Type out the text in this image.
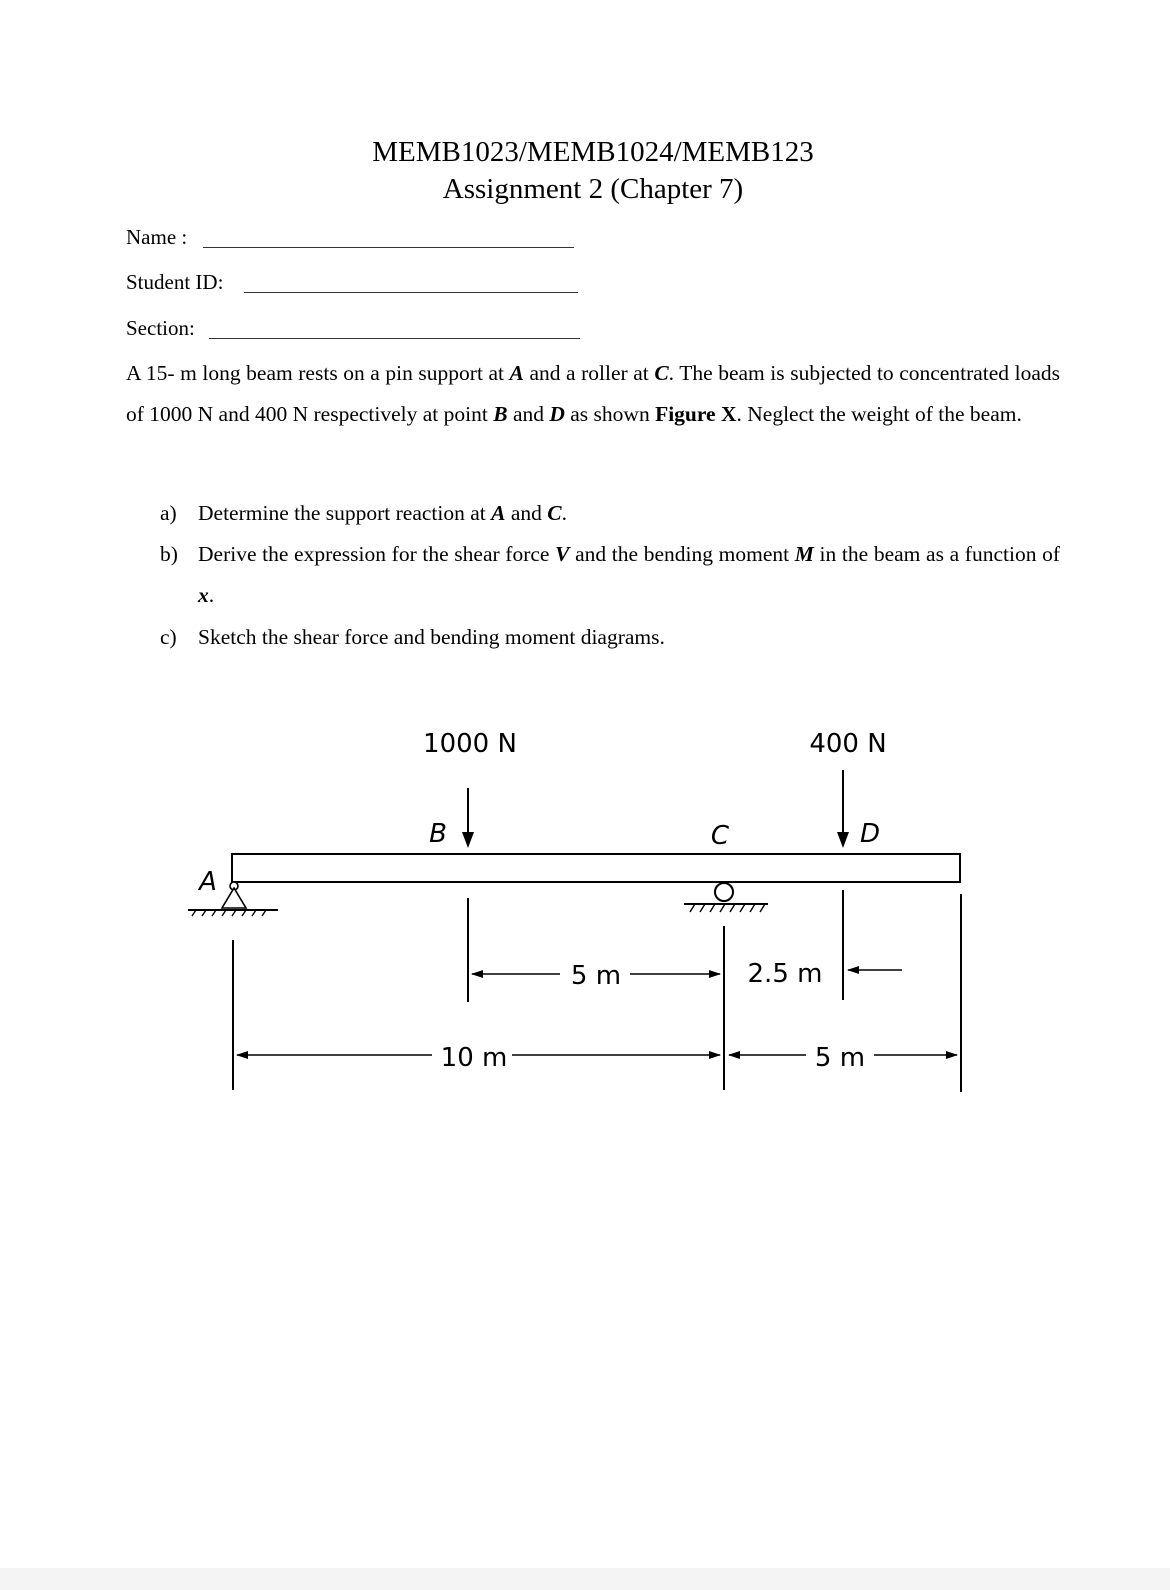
MEMB1023/MEMB1024/MEMB123
Assignment 2 (Chapter 7)
Name :
Student ID:
Section:
A 15- m long beam rests on a pin support at A and a roller at C. The beam is subjected to concentrated loads of 1000 N and 400 N respectively at point B and D as shown Figure X. Neglect the weight of the beam.
a) Determine the support reaction at A and C.
b) Derive the expression for the shear force V and the bending moment M in the beam as a function of x.
c) Sketch the shear force and bending moment diagrams.
1000 N	400 N
B	C	D
A
5 m	2.5 m
10 m	5 m
